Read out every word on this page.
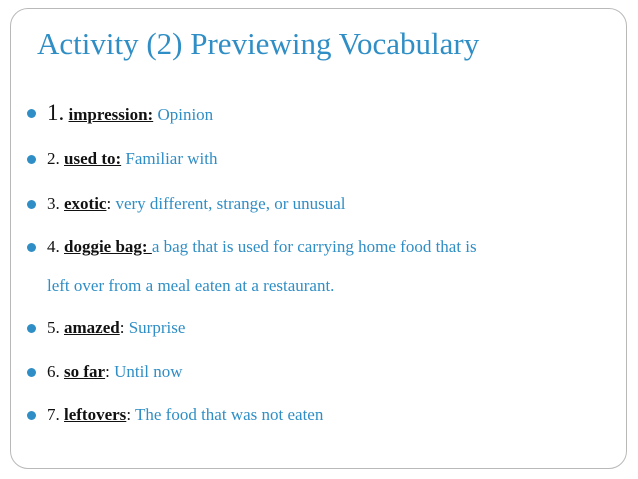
Activity (2) Previewing Vocabulary
1. impression: Opinion
2. used to: Familiar with
3. exotic: very different, strange, or unusual
4. doggie bag: a bag that is used for carrying home food that is
left over from a meal eaten at a restaurant.
5. amazed: Surprise
6. so far: Until now
7. leftovers: The food that was not eaten
